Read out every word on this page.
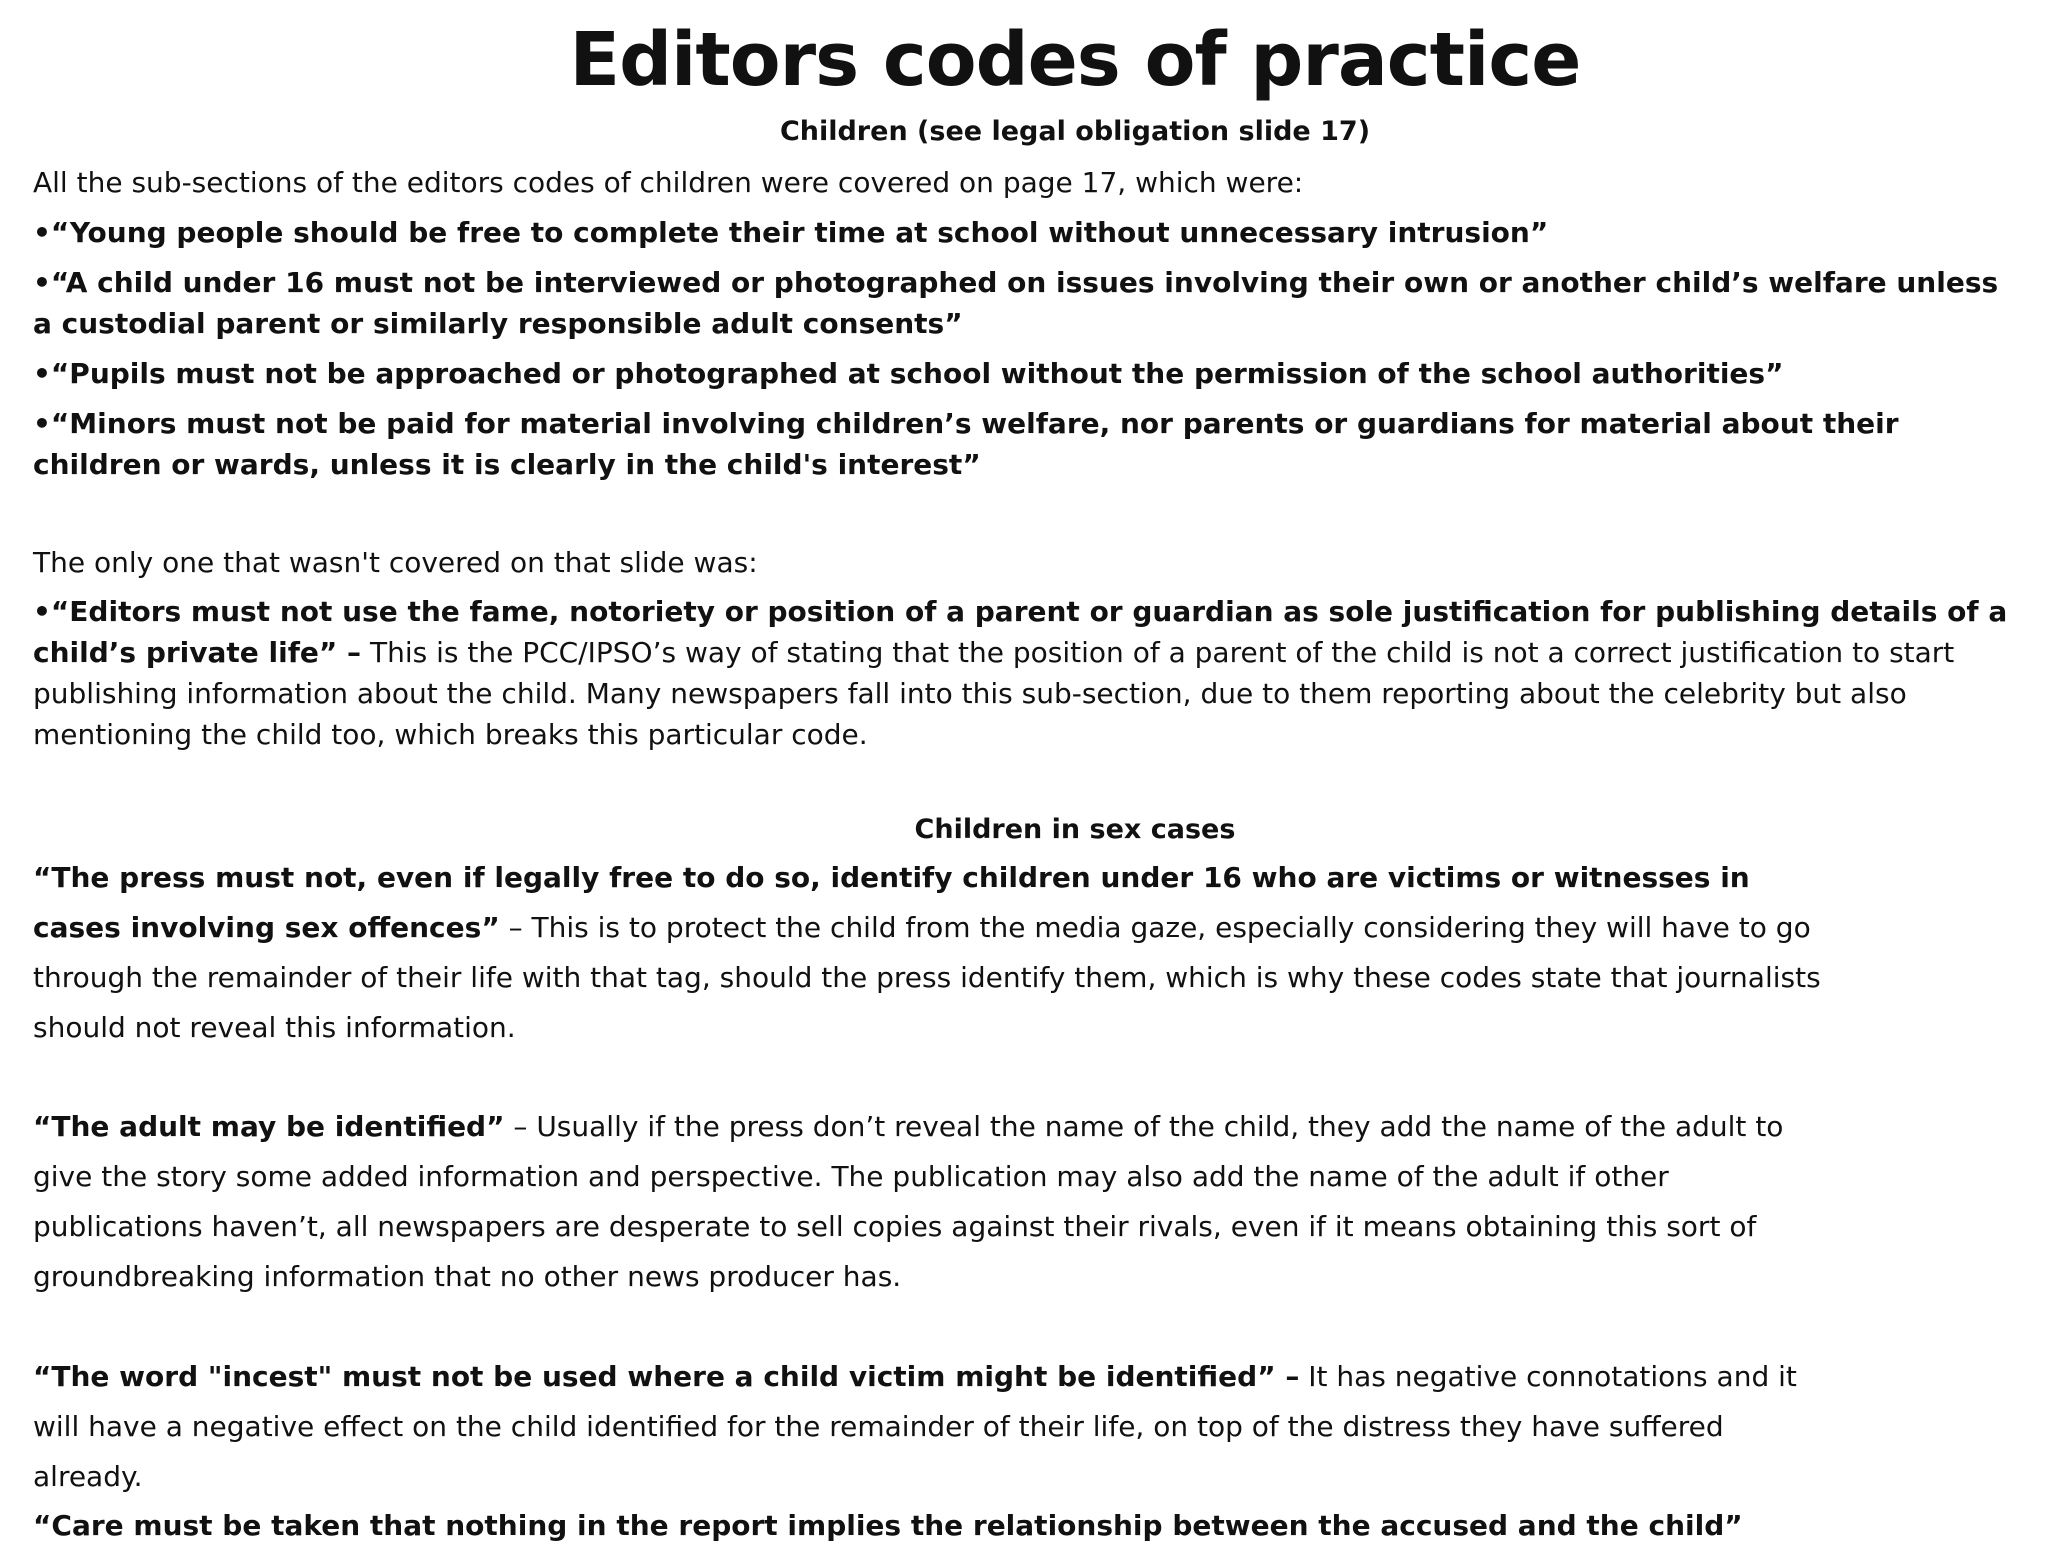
Editors codes of practice

Children (see legal obligation slide 17)

All the sub-sections of the editors codes of children were covered on page 17, which were:

•“Young people should be free to complete their time at school without unnecessary intrusion”

•“A child under 16 must not be interviewed or photographed on issues involving their own or another child’s welfare unless a custodial parent or similarly responsible adult consents”

•“Pupils must not be approached or photographed at school without the permission of the school authorities”

•“Minors must not be paid for material involving children’s welfare, nor parents or guardians for material about their children or wards, unless it is clearly in the child's interest”

The only one that wasn't covered on that slide was:

•“Editors must not use the fame, notoriety or position of a parent or guardian as sole justification for publishing details of a child’s private life” – This is the PCC/IPSO’s way of stating that the position of a parent of the child is not a correct justification to start publishing information about the child. Many newspapers fall into this sub-section, due to them reporting about the celebrity but also mentioning the child too, which breaks this particular code.

Children in sex cases

“The press must not, even if legally free to do so, identify children under 16 who are victims or witnesses in cases involving sex offences” – This is to protect the child from the media gaze, especially considering they will have to go through the remainder of their life with that tag, should the press identify them, which is why these codes state that journalists should not reveal this information.

“The adult may be identified” – Usually if the press don’t reveal the name of the child, they add the name of the adult to give the story some added information and perspective. The publication may also add the name of the adult if other publications haven’t, all newspapers are desperate to sell copies against their rivals, even if it means obtaining this sort of groundbreaking information that no other news producer has.

“The word "incest" must not be used where a child victim might be identified” – It has negative connotations and it will have a negative effect on the child identified for the remainder of their life, on top of the distress they have suffered already.

“Care must be taken that nothing in the report implies the relationship between the accused and the child”
